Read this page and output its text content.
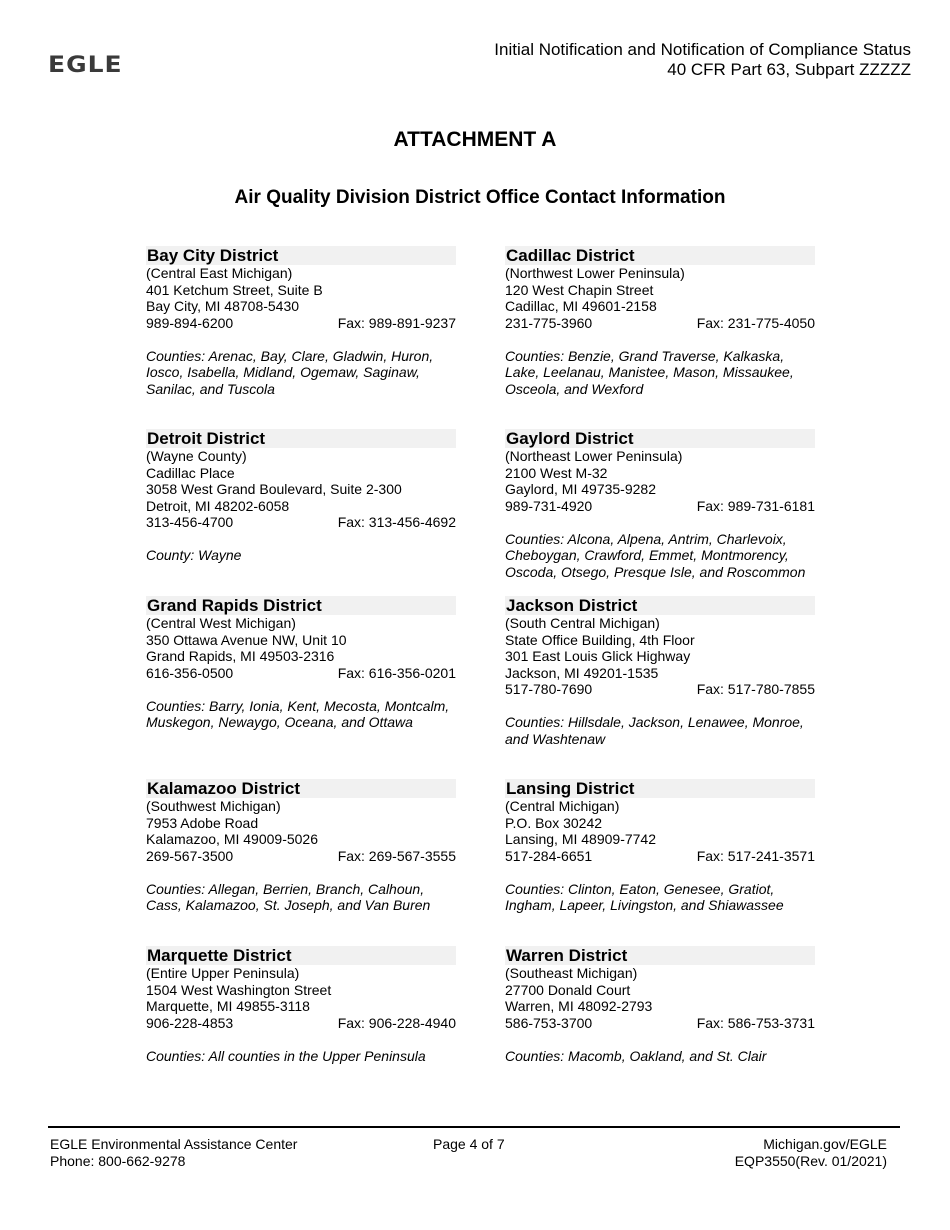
EGLE
Initial Notification and Notification of Compliance Status
40 CFR Part 63, Subpart ZZZZZ
ATTACHMENT A
Air Quality Division District Office Contact Information
Bay City District
(Central East Michigan)
401 Ketchum Street, Suite B
Bay City, MI 48708-5430
989-894-6200	Fax: 989-891-9237
Counties: Arenac, Bay, Clare, Gladwin, Huron, Iosco, Isabella, Midland, Ogemaw, Saginaw, Sanilac, and Tuscola
Cadillac District
(Northwest Lower Peninsula)
120 West Chapin Street
Cadillac, MI 49601-2158
231-775-3960	Fax: 231-775-4050
Counties: Benzie, Grand Traverse, Kalkaska, Lake, Leelanau, Manistee, Mason, Missaukee, Osceola, and Wexford
Detroit District
(Wayne County)
Cadillac Place
3058 West Grand Boulevard, Suite 2-300
Detroit, MI 48202-6058
313-456-4700	Fax: 313-456-4692
County: Wayne
Gaylord District
(Northeast Lower Peninsula)
2100 West M-32
Gaylord, MI 49735-9282
989-731-4920	Fax: 989-731-6181
Counties: Alcona, Alpena, Antrim, Charlevoix, Cheboygan, Crawford, Emmet, Montmorency, Oscoda, Otsego, Presque Isle, and Roscommon
Grand Rapids District
(Central West Michigan)
350 Ottawa Avenue NW, Unit 10
Grand Rapids, MI 49503-2316
616-356-0500	Fax: 616-356-0201
Counties: Barry, Ionia, Kent, Mecosta, Montcalm, Muskegon, Newaygo, Oceana, and Ottawa
Jackson District
(South Central Michigan)
State Office Building, 4th Floor
301 East Louis Glick Highway
Jackson, MI 49201-1535
517-780-7690	Fax: 517-780-7855
Counties: Hillsdale, Jackson, Lenawee, Monroe, and Washtenaw
Kalamazoo District
(Southwest Michigan)
7953 Adobe Road
Kalamazoo, MI 49009-5026
269-567-3500	Fax: 269-567-3555
Counties: Allegan, Berrien, Branch, Calhoun, Cass, Kalamazoo, St. Joseph, and Van Buren
Lansing District
(Central Michigan)
P.O. Box 30242
Lansing, MI 48909-7742
517-284-6651	Fax: 517-241-3571
Counties: Clinton, Eaton, Genesee, Gratiot, Ingham, Lapeer, Livingston, and Shiawassee
Marquette District
(Entire Upper Peninsula)
1504 West Washington Street
Marquette, MI 49855-3118
906-228-4853	Fax: 906-228-4940
Counties: All counties in the Upper Peninsula
Warren District
(Southeast Michigan)
27700 Donald Court
Warren, MI 48092-2793
586-753-3700	Fax: 586-753-3731
Counties: Macomb, Oakland, and St. Clair
EGLE Environmental Assistance Center
Phone: 800-662-9278
Page 4 of 7	Michigan.gov/EGLE
EQP3550(Rev. 01/2021)
